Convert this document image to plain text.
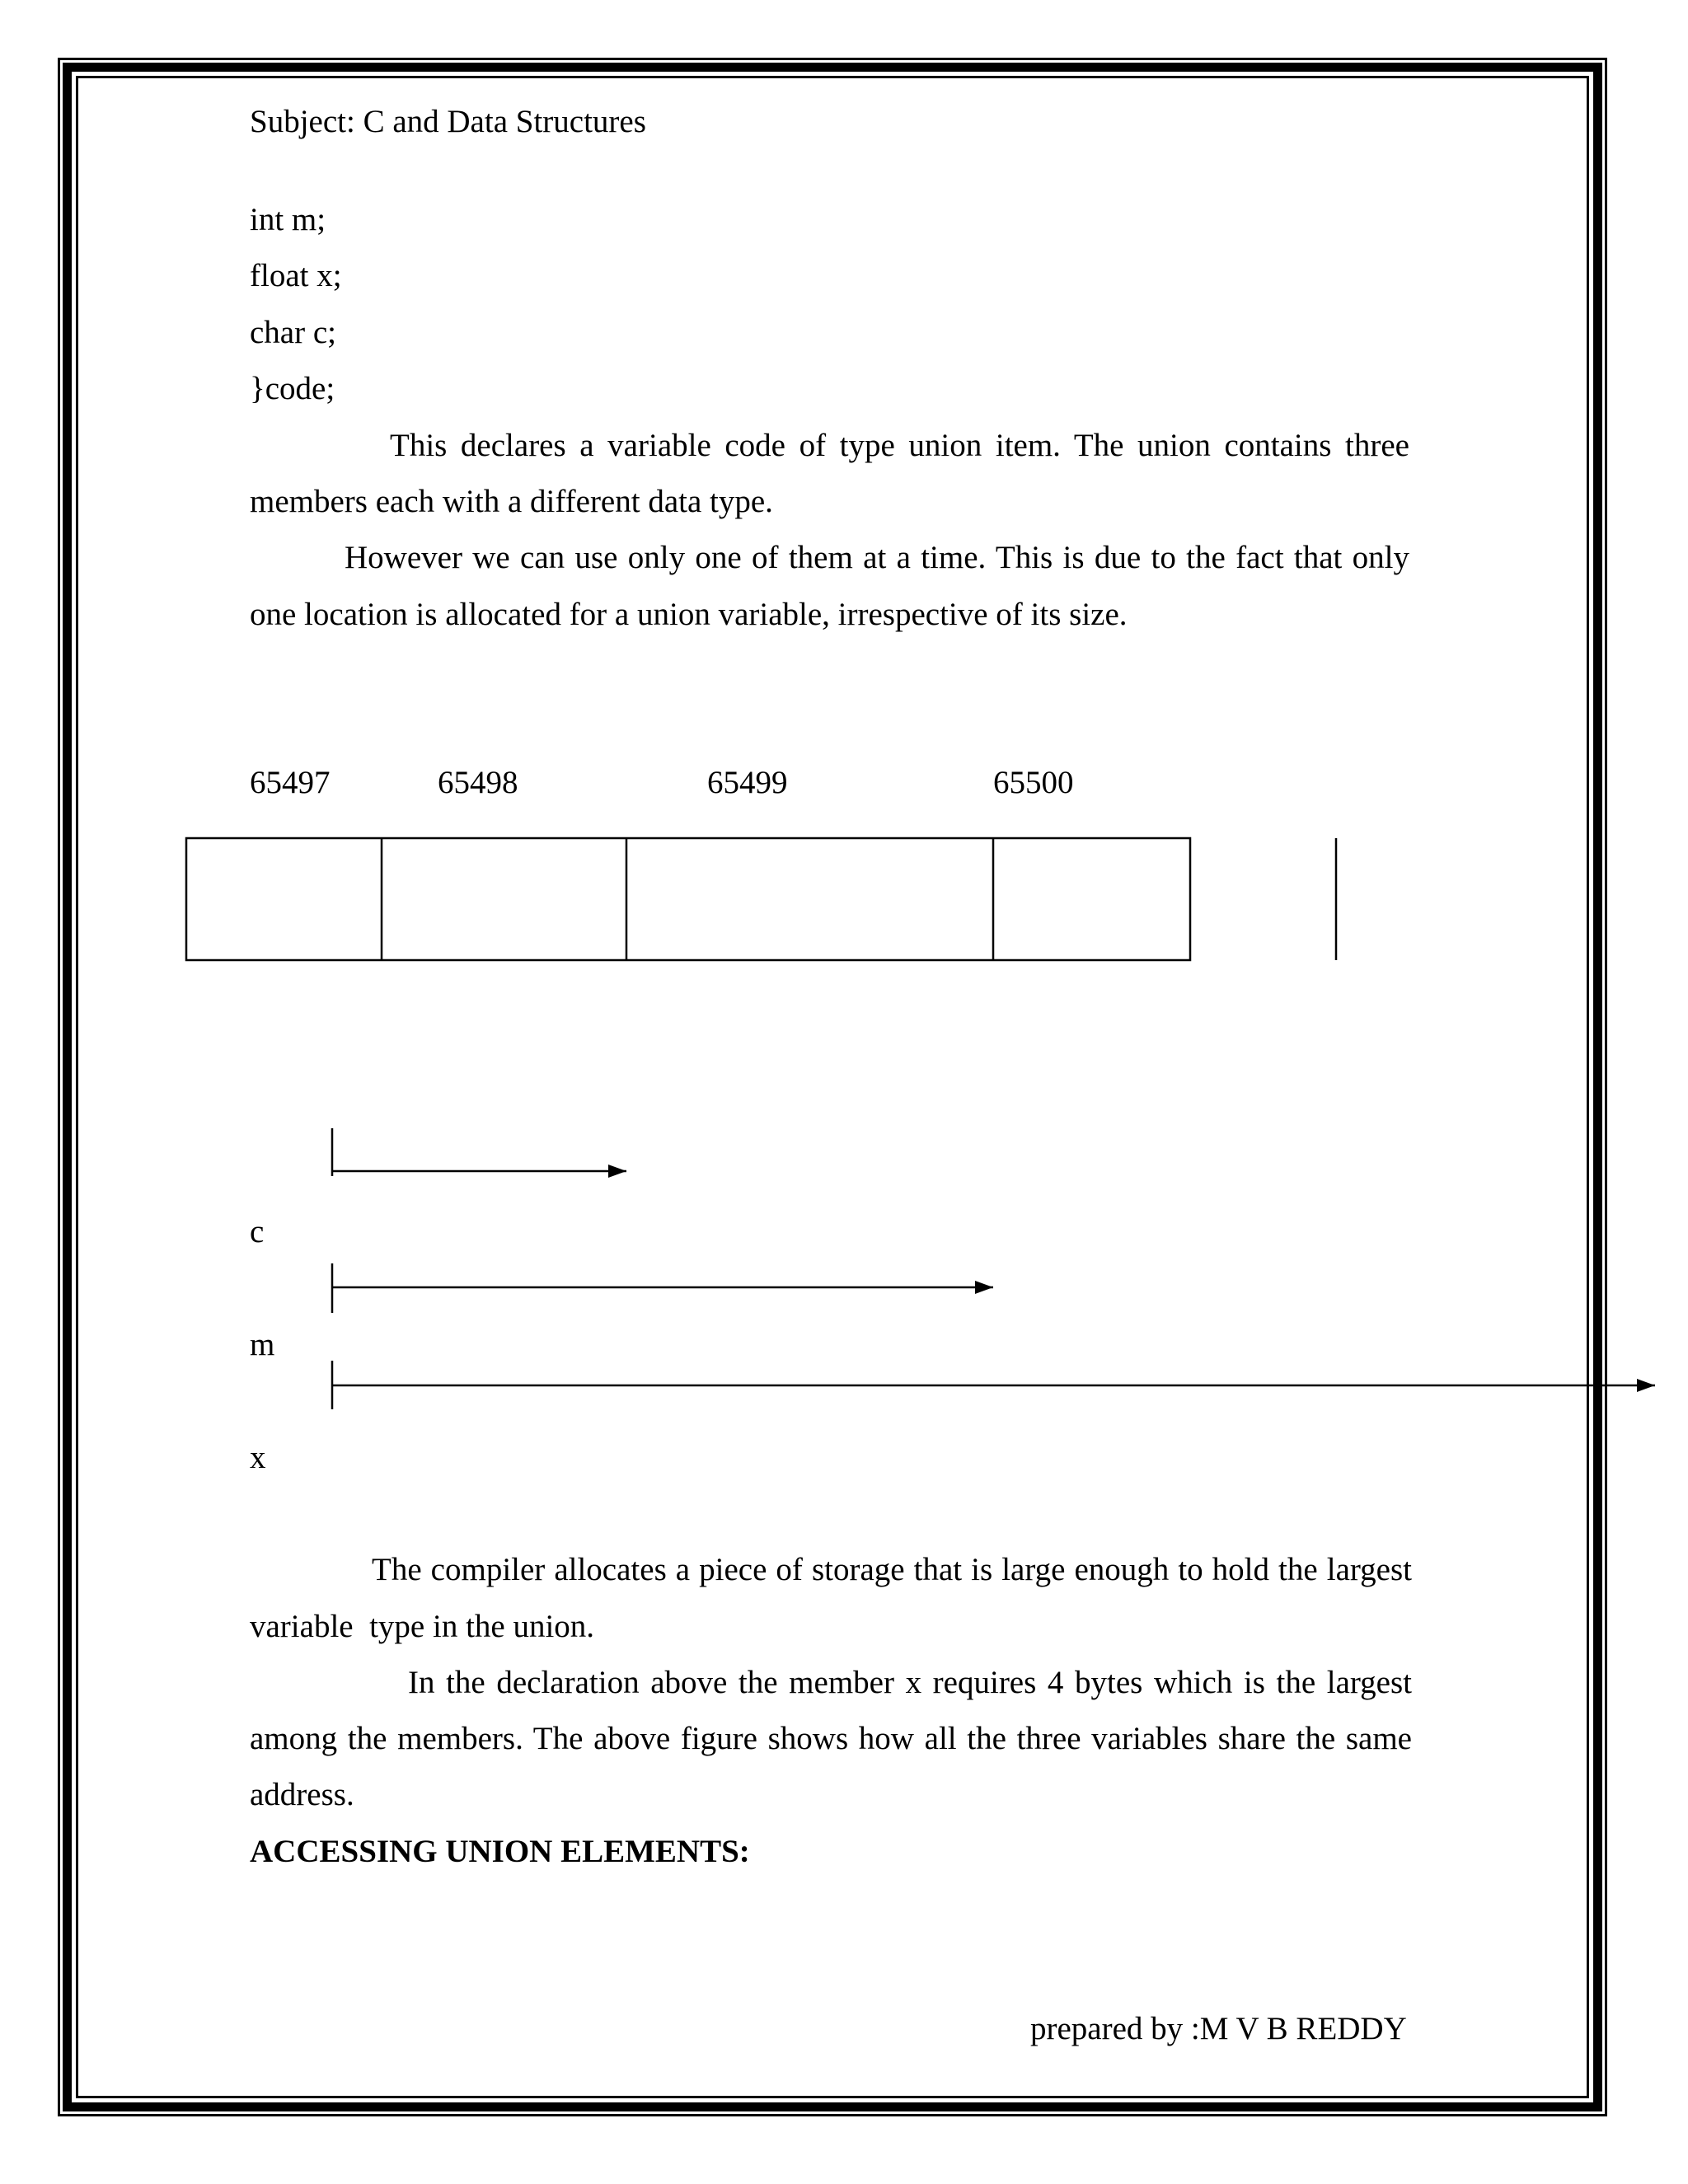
Subject: C and Data Structures

int m;

float x;

char c;

}code;

This declares a variable code of type union item. The union contains three

members each with a different data type.

However we can use only one of them at a time. This is due to the fact that only

one location is allocated for a union variable, irrespective of its size.

65497	65498	65499	65500

c

m

x

The compiler allocates a piece of storage that is large enough to hold the largest

variable  type in the union.

In the declaration above the member x requires 4 bytes which is the largest

among the members. The above figure shows how all the three variables share the same

address.

ACCESSING UNION ELEMENTS:

prepared by :M V B REDDY
